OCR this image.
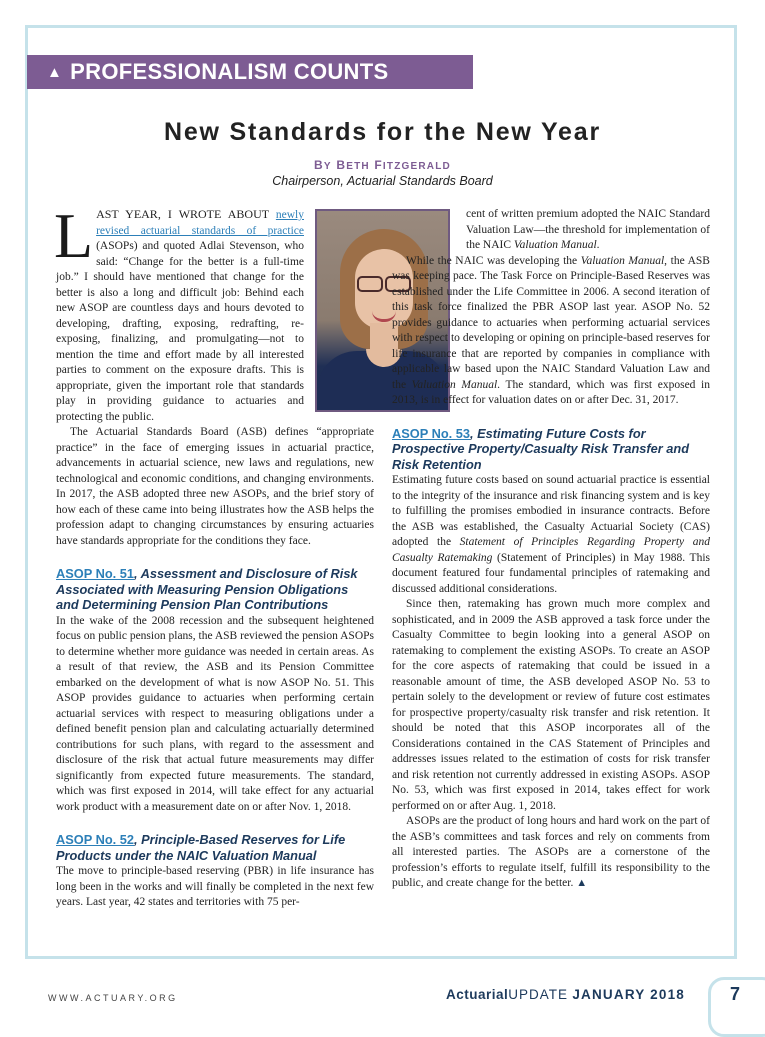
▲ PROFESSIONALISM COUNTS
New Standards for the New Year
BY BETH FITZGERALD
Chairperson, Actuarial Standards Board

LAST YEAR, I WROTE ABOUT newly revised actuarial standards of practice (ASOPs) and quoted Adlai Stevenson, who said: “Change for the better is a full-time job.” I should have mentioned that change for the better is also a long and difficult job: Behind each new ASOP are countless days and hours devoted to developing, drafting, exposing, redrafting, re-exposing, finalizing, and promulgating—not to mention the time and effort made by all interested parties to comment on the exposure drafts. This is appropriate, given the important role that standards play in providing guidance to actuaries and protecting the public.

The Actuarial Standards Board (ASB) defines “appropriate practice” in the face of emerging issues in actuarial practice, advancements in actuarial science, new laws and regulations, new technological and economic conditions, and changing environments. In 2017, the ASB adopted three new ASOPs, and the brief story of how each of these came into being illustrates how the ASB helps the profession adapt to changing circumstances by ensuring actuaries have standards appropriate for the conditions they face.

ASOP No. 51, Assessment and Disclosure of Risk Associated with Measuring Pension Obligations and Determining Pension Plan Contributions

In the wake of the 2008 recession and the subsequent heightened focus on public pension plans, the ASB reviewed the pension ASOPs to determine whether more guidance was needed in certain areas. As a result of that review, the ASB and its Pension Committee embarked on the development of what is now ASOP No. 51. This ASOP provides guidance to actuaries when performing certain actuarial services with respect to measuring obligations under a defined benefit pension plan and calculating actuarially determined contributions for such plans, with regard to the assessment and disclosure of the risk that actual future measurements may differ significantly from expected future measurements. The standard, which was first exposed in 2014, will take effect for any actuarial work product with a measurement date on or after Nov. 1, 2018.

ASOP No. 52, Principle-Based Reserves for Life Products under the NAIC Valuation Manual

The move to principle-based reserving (PBR) in life insurance has long been in the works and will finally be completed in the next few years. Last year, 42 states and territories with 75 per-

cent of written premium adopted the NAIC Standard Valuation Law—the threshold for implementation of the NAIC Valuation Manual.

While the NAIC was developing the Valuation Manual, the ASB was keeping pace. The Task Force on Principle-Based Reserves was established under the Life Committee in 2006. A second iteration of this task force finalized the PBR ASOP last year. ASOP No. 52 provides guidance to actuaries when performing actuarial services with respect to developing or opining on principle-based reserves for life insurance that are reported by companies in compliance with applicable law based upon the NAIC Standard Valuation Law and the Valuation Manual. The standard, which was first exposed in 2013, is in effect for valuation dates on or after Dec. 31, 2017.

ASOP No. 53, Estimating Future Costs for Prospective Property/Casualty Risk Transfer and Risk Retention

Estimating future costs based on sound actuarial practice is essential to the integrity of the insurance and risk financing system and is key to fulfilling the promises embodied in insurance contracts. Before the ASB was established, the Casualty Actuarial Society (CAS) adopted the Statement of Principles Regarding Property and Casualty Ratemaking (Statement of Principles) in May 1988. This document featured four fundamental principles of ratemaking and discussed additional considerations.

Since then, ratemaking has grown much more complex and sophisticated, and in 2009 the ASB approved a task force under the Casualty Committee to begin looking into a general ASOP on ratemaking to complement the existing ASOPs. To create an ASOP for the core aspects of ratemaking that could be issued in a reasonable amount of time, the ASB developed ASOP No. 53 to pertain solely to the development or review of future cost estimates for prospective property/casualty risk transfer and risk retention. It should be noted that this ASOP incorporates all of the Considerations contained in the CAS Statement of Principles and addresses issues related to the estimation of costs for risk transfer and risk retention not currently addressed in existing ASOPs. ASOP No. 53, which was first exposed in 2014, takes effect for work performed on or after Aug. 1, 2018.

ASOPs are the product of long hours and hard work on the part of the ASB’s committees and task forces and rely on comments from all interested parties. The ASOPs are a cornerstone of the profession’s efforts to regulate itself, fulfill its responsibility to the public, and create change for the better. ▲

WWW.ACTUARY.ORG	ActuarialUPDATE JANUARY 2018 7
